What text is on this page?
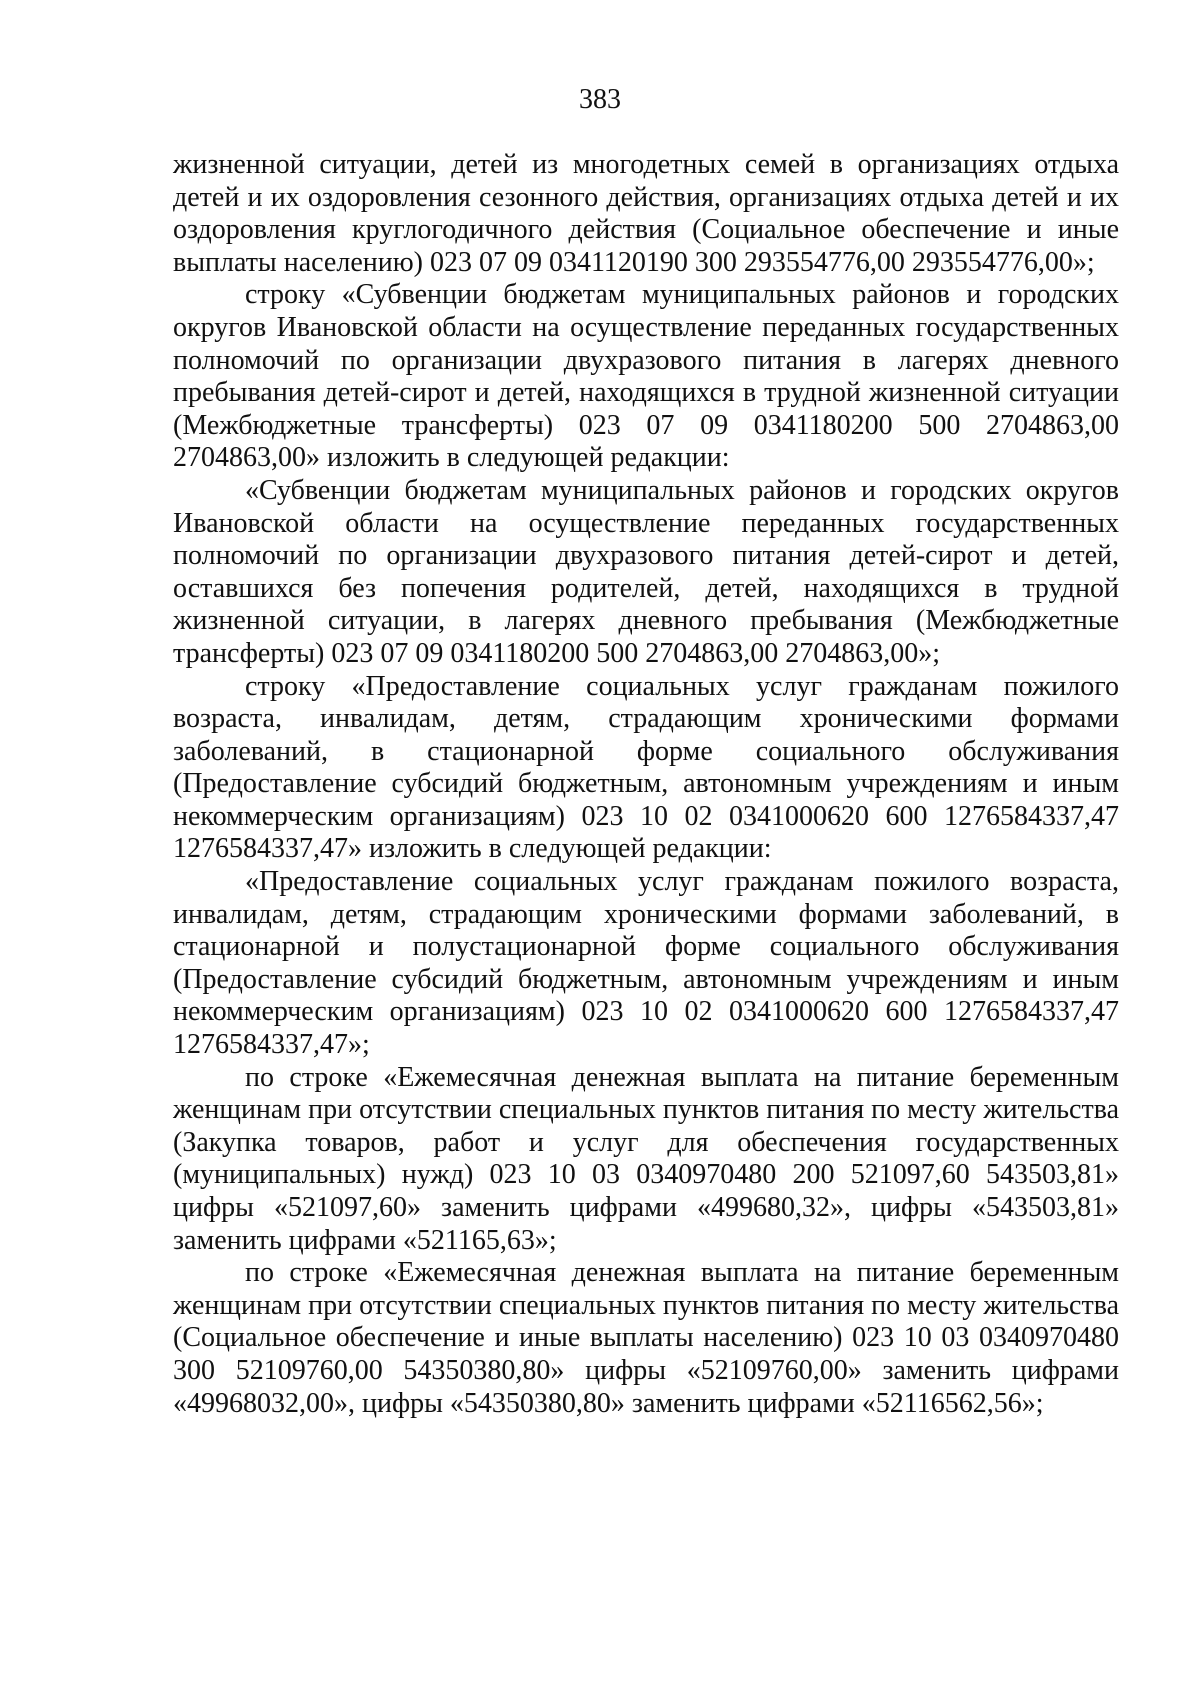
383

жизненной ситуации, детей из многодетных семей в организациях отдыха детей и их оздоровления сезонного действия, организациях отдыха детей и их оздоровления круглогодичного действия (Социальное обеспечение и иные выплаты населению) 023 07 09 0341120190 300 293554776,00 293554776,00»;

строку «Субвенции бюджетам муниципальных районов и городских округов Ивановской области на осуществление переданных государственных полномочий по организации двухразового питания в лагерях дневного пребывания детей-сирот и детей, находящихся в трудной жизненной ситуации (Межбюджетные трансферты) 023 07 09 0341180200 500 2704863,00 2704863,00» изложить в следующей редакции:

«Субвенции бюджетам муниципальных районов и городских округов Ивановской области на осуществление переданных государственных полномочий по организации двухразового питания детей-сирот и детей, оставшихся без попечения родителей, детей, находящихся в трудной жизненной ситуации, в лагерях дневного пребывания (Межбюджетные трансферты) 023 07 09 0341180200 500 2704863,00 2704863,00»;

строку «Предоставление социальных услуг гражданам пожилого возраста, инвалидам, детям, страдающим хроническими формами заболеваний, в стационарной форме социального обслуживания (Предоставление субсидий бюджетным, автономным учреждениям и иным некоммерческим организациям) 023 10 02 0341000620 600 1276584337,47 1276584337,47» изложить в следующей редакции:

«Предоставление социальных услуг гражданам пожилого возраста, инвалидам, детям, страдающим хроническими формами заболеваний, в стационарной и полустационарной форме социального обслуживания (Предоставление субсидий бюджетным, автономным учреждениям и иным некоммерческим организациям) 023 10 02 0341000620 600 1276584337,47 1276584337,47»;

по строке «Ежемесячная денежная выплата на питание беременным женщинам при отсутствии специальных пунктов питания по месту жительства (Закупка товаров, работ и услуг для обеспечения государственных (муниципальных) нужд) 023 10 03 0340970480 200 521097,60 543503,81» цифры «521097,60» заменить цифрами «499680,32», цифры «543503,81» заменить цифрами «521165,63»;

по строке «Ежемесячная денежная выплата на питание беременным женщинам при отсутствии специальных пунктов питания по месту жительства (Социальное обеспечение и иные выплаты населению) 023 10 03 0340970480 300 52109760,00 54350380,80» цифры «52109760,00» заменить цифрами «49968032,00», цифры «54350380,80» заменить цифрами «52116562,56»;
